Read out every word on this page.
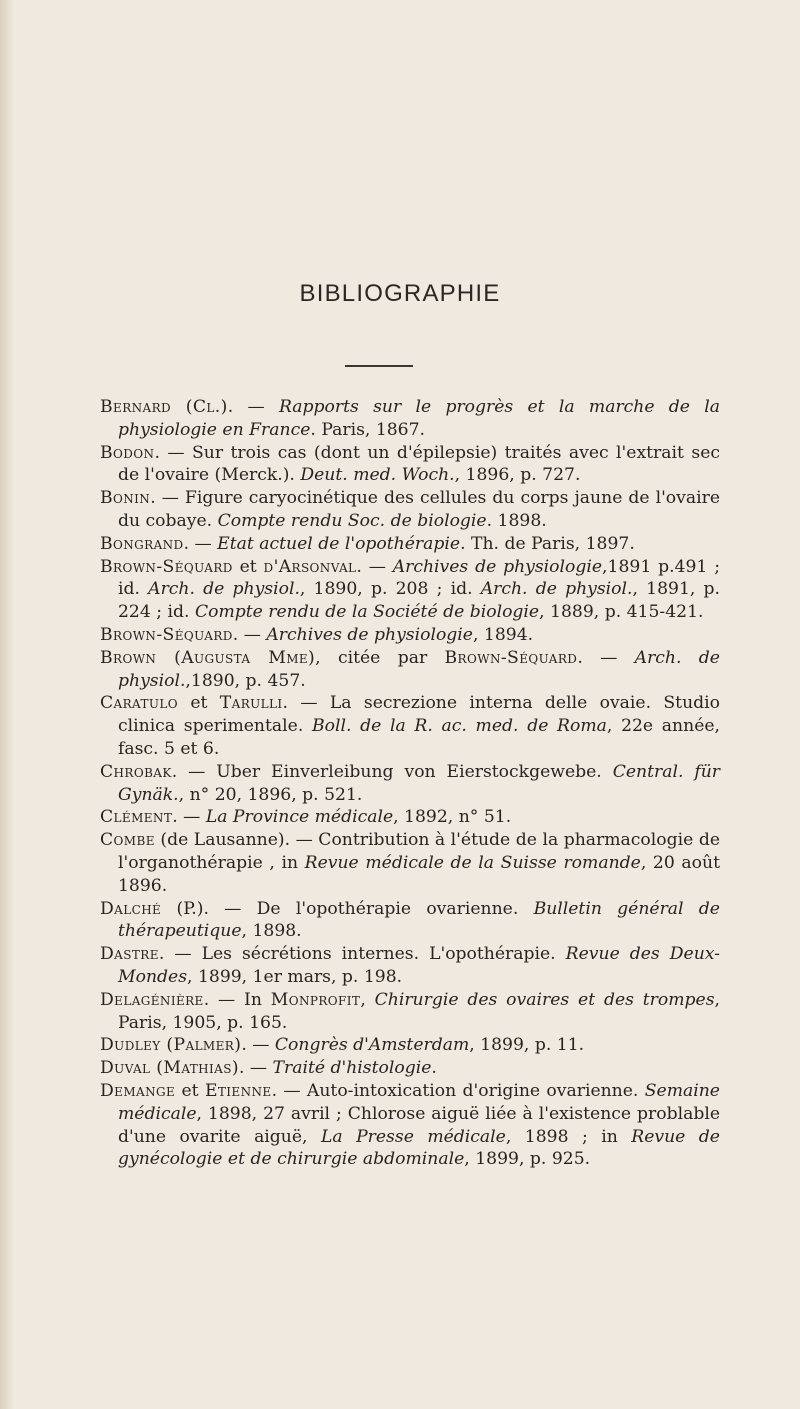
BIBLIOGRAPHIE
Bernard (Cl.). — Rapports sur le progrès et la marche de la physiologie en France. Paris, 1867.
Bodon. — Sur trois cas (dont un d'épilepsie) traités avec l'extrait sec de l'ovaire (Merck.). Deut. med. Woch., 1896, p. 727.
Bonin. — Figure caryocinétique des cellules du corps jaune de l'ovaire du cobaye. Compte rendu Soc. de biologie. 1898.
Bongrand. — Etat actuel de l'opothérapie. Th. de Paris, 1897.
Brown-Séquard et d'Arsonval. — Archives de physiologie,1891 p.491 ; id. Arch. de physiol., 1890, p. 208 ; id. Arch. de physiol., 1891, p. 224 ; id. Compte rendu de la Société de biologie, 1889, p. 415-421.
Brown-Séquard. — Archives de physiologie, 1894.
Brown (Augusta Mme), citée par Brown-Séquard. — Arch. de physiol.,1890, p. 457.
Caratulo et Tarulli. — La secrezione interna delle ovaie. Studio clinica sperimentale. Boll. de la R. ac. med. de Roma, 22e année, fasc. 5 et 6.
Chrobak. — Uber Einverleibung von Eierstockgewebe. Central. für Gynäk., n° 20, 1896, p. 521.
Clément. — La Province médicale, 1892, n° 51.
Combe (de Lausanne). — Contribution à l'étude de la pharmacologie de l'organothérapie , in Revue médicale de la Suisse romande, 20 août 1896.
Dalché (P.). — De l'opothérapie ovarienne. Bulletin général de thérapeutique, 1898.
Dastre. — Les sécrétions internes. L'opothérapie. Revue des Deux-Mondes, 1899, 1er mars, p. 198.
Delagénière. — In Monprofit, Chirurgie des ovaires et des trompes, Paris, 1905, p. 165.
Dudley (Palmer). — Congrès d'Amsterdam, 1899, p. 11.
Duval (Mathias). — Traité d'histologie.
Demange et Etienne. — Auto-intoxication d'origine ovarienne. Semaine médicale, 1898, 27 avril ; Chlorose aiguë liée à l'existence problable d'une ovarite aiguë, La Presse médicale, 1898 ; in Revue de gynécologie et de chirurgie abdominale, 1899, p. 925.
